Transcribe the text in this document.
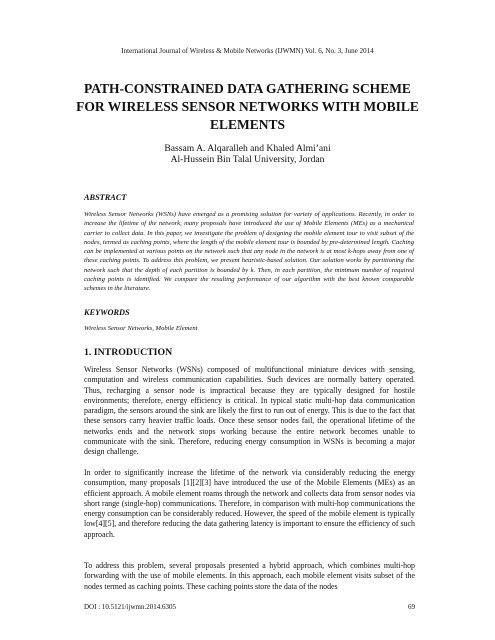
International Journal of Wireless & Mobile Networks (IJWMN) Vol. 6, No. 3, June 2014
PATH-CONSTRAINED DATA GATHERING SCHEME
FOR WIRELESS SENSOR NETWORKS WITH MOBILE
ELEMENTS
Bassam A. Alqaralleh and Khaled Almi’ani
Al-Hussein Bin Talal University, Jordan
ABSTRACT
Wireless Sensor Networks (WSNs) have emerged as a promising solution for variety of applications. Recently, in order to increase the lifetime of the network, many proposals have introduced the use of Mobile Elements (MEs) as a mechanical carrier to collect data. In this paper, we investigate the problem of designing the mobile element tour to visit subset of the nodes, termed as caching points, where the length of the mobile element tour is bounded by pre-determined length. Caching can be implemented at various points on the network such that any node in the network is at most k-hops away from one of these caching points. To address this problem, we present heuristic-based solution. Our solution works by partitioning the network such that the depth of each partition is bounded by k. Then, in each partition, the minimum number of required caching points is identified. We compare the resulting performance of our algorithm with the best known comparable schemes in the literature.
KEYWORDS
Wireless Sensor Networks, Mobile Element
1. INTRODUCTION

Wireless Sensor Networks (WSNs) composed of multifunctional miniature devices with sensing, computation and wireless communication capabilities. Such devices are normally battery operated. Thus, recharging a sensor node is impractical because they are typically designed for hostile environments; therefore, energy efficiency is critical. In typical static multi-hop data communication paradigm, the sensors around the sink are likely the first to run out of energy. This is due to the fact that these sensors carry heavier traffic loads. Once these sensor nodes fail, the operational lifetime of the networks ends and the network stops working because the entire network becomes unable to communicate with the sink. Therefore, reducing energy consumption in WSNs is becoming a major design challenge.

In order to significantly increase the lifetime of the network via considerably reducing the energy consumption, many proposals [1][2][3] have introduced the use of the Mobile Elements (MEs) as an efficient approach. A mobile element roams through the network and collects data from sensor nodes via short range (single-hop) communications. Therefore, in comparison with multi-hop communications the energy consumption can be considerably reduced. However, the speed of the mobile element is typically low[4][5], and therefore reducing the data gathering latency is important to ensure the efficiency of such approach.

To address this problem, several proposals presented a hybrid approach, which combines multi-hop forwarding with the use of mobile elements. In this approach, each mobile element visits subset of the nodes termed as caching points. These caching points store the data of the nodes

DOI : 10.5121/ijwmn.2014.6305	69
